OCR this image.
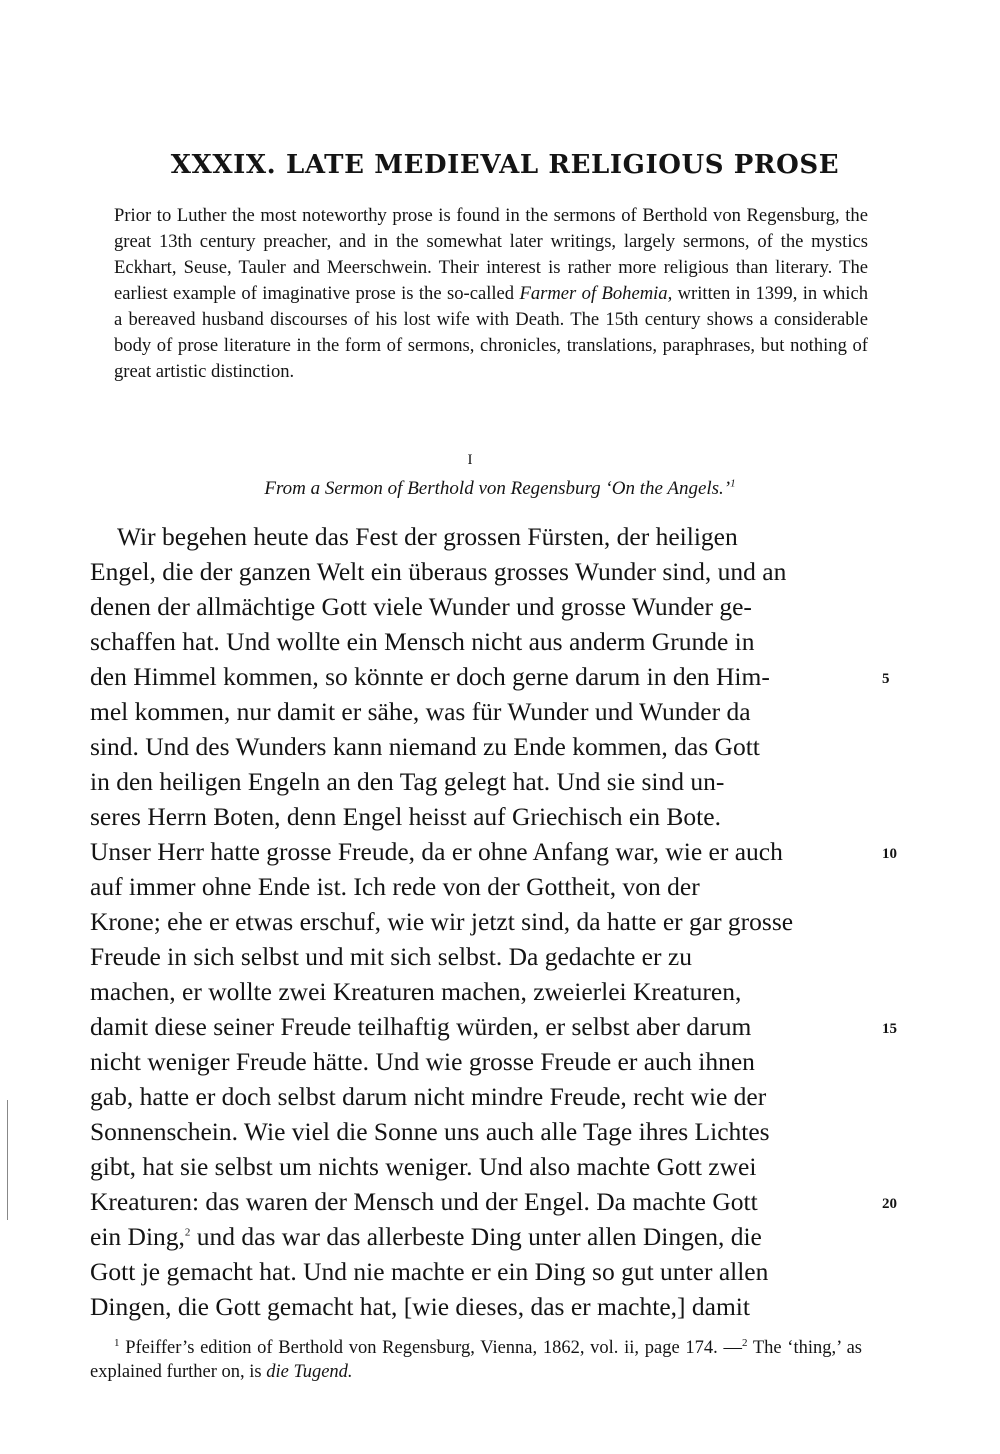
XXXIX. LATE MEDIEVAL RELIGIOUS PROSE

Prior to Luther the most noteworthy prose is found in the sermons of Berthold von Regensburg, the great 13th century preacher, and in the somewhat later writings, largely sermons, of the mystics Eckhart, Seuse, Tauler and Meerschwein. Their interest is rather more religious than literary. The earliest example of imaginative prose is the so-called Farmer of Bohemia, written in 1399, in which a bereaved husband discourses of his lost wife with Death. The 15th century shows a considerable body of prose literature in the form of sermons, chronicles, translations, paraphrases, but nothing of great artistic distinction.

I
From a Sermon of Berthold von Regensburg ‘On the Angels.’$^1$
Wir begehen heute das Fest der grossen Fürsten, der heiligen
Engel, die der ganzen Welt ein überaus grosses Wunder sind, und an
denen der allmächtige Gott viele Wunder und grosse Wunder ge-
schaffen hat. Und wollte ein Mensch nicht aus anderm Grunde in
den Himmel kommen, so könnte er doch gerne darum in den Him-
mel kommen, nur damit er sähe, was für Wunder und Wunder da
sind. Und des Wunders kann niemand zu Ende kommen, das Gott
in den heiligen Engeln an den Tag gelegt hat. Und sie sind un-
seres Herrn Boten, denn Engel heisst auf Griechisch ein Bote.
Unser Herr hatte grosse Freude, da er ohne Anfang war, wie er auch
auf immer ohne Ende ist. Ich rede von der Gottheit, von der
Krone; ehe er etwas erschuf, wie wir jetzt sind, da hatte er gar grosse
Freude in sich selbst und mit sich selbst. Da gedachte er zu
machen, er wollte zwei Kreaturen machen, zweierlei Kreaturen,
damit diese seiner Freude teilhaftig würden, er selbst aber darum
nicht weniger Freude hätte. Und wie grosse Freude er auch ihnen
gab, hatte er doch selbst darum nicht mindre Freude, recht wie der
Sonnenschein. Wie viel die Sonne uns auch alle Tage ihres Lichtes
gibt, hat sie selbst um nichts weniger. Und also machte Gott zwei
Kreaturen: das waren der Mensch und der Engel. Da machte Gott
ein Ding,$^2$ und das war das allerbeste Ding unter allen Dingen, die
Gott je gemacht hat. Und nie machte er ein Ding so gut unter allen
Dingen, die Gott gemacht hat, [wie dieses, das er machte,] damit
5
10
15
20

$^1$ Pfeiffer’s edition of Berthold von Regensburg, Vienna, 1862, vol. ii, page 174. —$^2$ The ‘thing,’ as explained further on, is die Tugend.
